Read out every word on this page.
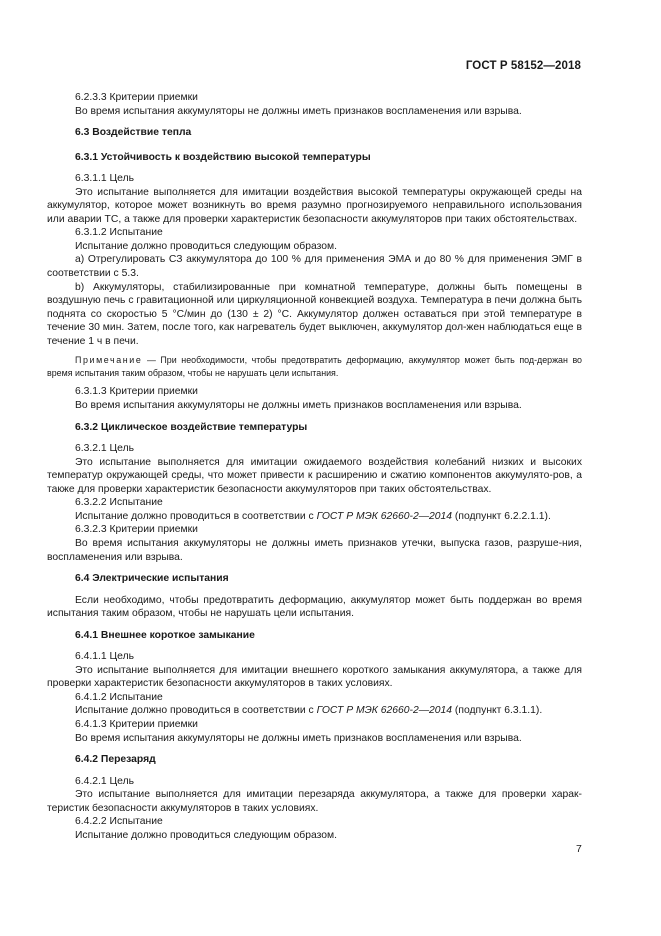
ГОСТ Р 58152—2018

6.2.3.3 Критерии приемки

Во время испытания аккумуляторы не должны иметь признаков воспламенения или взрыва.

6.3 Воздействие тепла

6.3.1 Устойчивость к воздействию высокой температуры

6.3.1.1 Цель

Это испытание выполняется для имитации воздействия высокой температуры окружающей среды на аккумулятор, которое может возникнуть во время разумно прогнозируемого неправильного использования или аварии ТС, а также для проверки характеристик безопасности аккумуляторов при таких обстоятельствах.

6.3.1.2 Испытание

Испытание должно проводиться следующим образом.

a) Отрегулировать СЗ аккумулятора до 100 % для применения ЭМА и до 80 % для применения ЭМГ в соответствии с 5.3.

b) Аккумуляторы, стабилизированные при комнатной температуре, должны быть помещены в воздушную печь с гравитационной или циркуляционной конвекцией воздуха. Температура в печи должна быть поднята со скоростью 5 °С/мин до (130 ± 2) °С. Аккумулятор должен оставаться при этой температуре в течение 30 мин. Затем, после того, как нагреватель будет выключен, аккумулятор дол-жен наблюдаться еще в течение 1 ч в печи.

Примечание — При необходимости, чтобы предотвратить деформацию, аккумулятор может быть под-держан во время испытания таким образом, чтобы не нарушать цели испытания.

6.3.1.3 Критерии приемки

Во время испытания аккумуляторы не должны иметь признаков воспламенения или взрыва.

6.3.2 Циклическое воздействие температуры

6.3.2.1 Цель

Это испытание выполняется для имитации ожидаемого воздействия колебаний низких и высоких температур окружающей среды, что может привести к расширению и сжатию компонентов аккумулято-ров, а также для проверки характеристик безопасности аккумуляторов при таких обстоятельствах.

6.3.2.2 Испытание

Испытание должно проводиться в соответствии с ГОСТ Р МЭК 62660-2—2014 (подпункт 6.2.2.1.1).

6.3.2.3 Критерии приемки

Во время испытания аккумуляторы не должны иметь признаков утечки, выпуска газов, разруше-ния, воспламенения или взрыва.

6.4 Электрические испытания

Если необходимо, чтобы предотвратить деформацию, аккумулятор может быть поддержан во время испытания таким образом, чтобы не нарушать цели испытания.

6.4.1 Внешнее короткое замыкание

6.4.1.1 Цель

Это испытание выполняется для имитации внешнего короткого замыкания аккумулятора, а также для проверки характеристик безопасности аккумуляторов в таких условиях.

6.4.1.2 Испытание

Испытание должно проводиться в соответствии с ГОСТ Р МЭК 62660-2—2014 (подпункт 6.3.1.1).

6.4.1.3 Критерии приемки

Во время испытания аккумуляторы не должны иметь признаков воспламенения или взрыва.

6.4.2 Перезаряд

6.4.2.1 Цель

Это испытание выполняется для имитации перезаряда аккумулятора, а также для проверки харак-теристик безопасности аккумуляторов в таких условиях.

6.4.2.2 Испытание

Испытание должно проводиться следующим образом.

7
